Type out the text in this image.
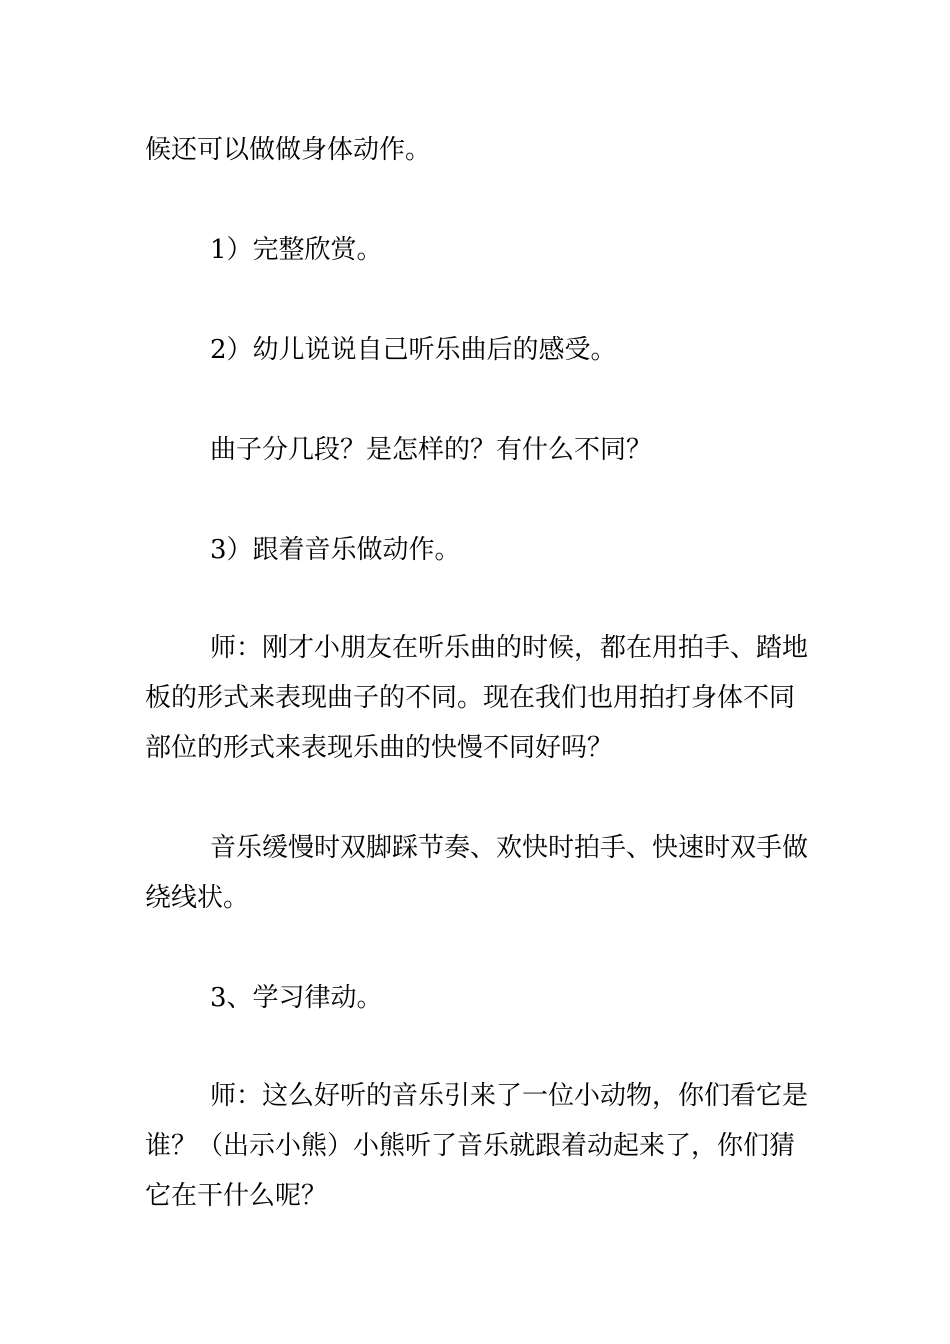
候还可以做做身体动作。

1）完整欣赏。

2）幼儿说说自己听乐曲后的感受。

曲子分几段？是怎样的？有什么不同？

3）跟着音乐做动作。

师：刚才小朋友在听乐曲的时候，都在用拍手、踏地

板的形式来表现曲子的不同。现在我们也用拍打身体不同

部位的形式来表现乐曲的快慢不同好吗？

音乐缓慢时双脚踩节奏、欢快时拍手、快速时双手做

绕线状。

3、学习律动。

师：这么好听的音乐引来了一位小动物，你们看它是

谁？（出示小熊）小熊听了音乐就跟着动起来了，你们猜

它在干什么呢？
